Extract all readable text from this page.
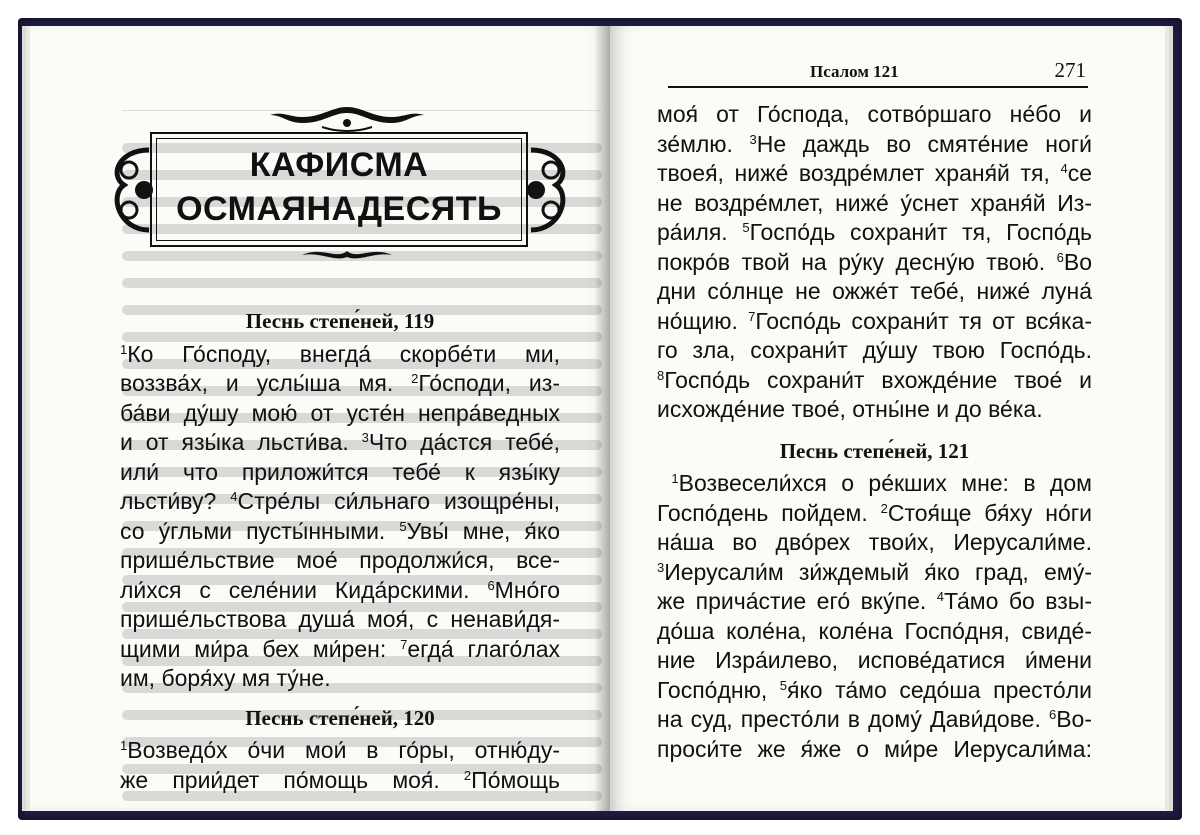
КАФИСМА
ОСМАЯНАДЕСЯТЬ
Песнь степе́ней, 119
$^1$Ко Го́споду, внегда́ скорбе́ти ми,
воззва́х, и услы́ша мя. $^2$Го́споди, из-
ба́ви ду́шу мою́ от усте́н непра́ведных
и от язы́ка льсти́ва. $^3$Что да́стся тебе́,
или́ что приложи́тся тебе́ к язы́ку
льсти́ву? $^4$Стре́лы си́льнаго изощре́ны,
со у́гльми пусты́нными. $^5$Увы́ мне, я́ко
прише́льствие мое́ продолжи́ся, все-
ли́хся с селе́нии Кида́рскими. $^6$Мно́го
прише́льствова душа́ моя́, с ненави́дя-
щими ми́ра бех ми́рен: $^7$егда́ глаго́лах
им, боря́ху мя ту́не.
Песнь степе́ней, 120
$^1$Возведо́х о́чи мои́ в го́ры, отню́ду-
же прии́дет по́мощь моя́. $^2$По́мощь
Псалом 121	271
моя́ от Го́спода, сотво́ршаго не́бо и
зе́млю. $^3$Не даждь во смяте́ние ноги́
твоея́, ниже́ воздре́млет храня́й тя, $^4$се
не воздре́млет, ниже́ у́снет храня́й Из-
ра́иля. $^5$Госпо́дь сохрани́т тя, Госпо́дь
покро́в твой на ру́ку десну́ю твою́. $^6$Во
дни со́лнце не ожже́т тебе́, ниже́ луна́
но́щию. $^7$Госпо́дь сохрани́т тя от вся́ка-
го зла, сохрани́т ду́шу твою Госпо́дь.
$^8$Госпо́дь сохрани́т вхожде́ние твое́ и
исхожде́ние твое́, отны́не и до ве́ка.
Песнь степе́ней, 121
$^1$Возвесели́хся о ре́кших мне: в дом
Госпо́день пойдем. $^2$Стоя́ще бя́ху но́ги
на́ша во дво́рех твои́х, Иерусали́ме.
$^3$Иерусали́м зи́ждемый я́ко град, ему́-
же прича́стие его́ вку́пе. $^4$Та́мо бо взы-
до́ша коле́на, коле́на Госпо́дня, свиде́-
ние Изра́илево, испове́датися и́мени
Госпо́дню, $^5$я́ко та́мо седо́ша престо́ли
на суд, престо́ли в дому́ Дави́дове. $^6$Во-
проси́те же я́же о ми́ре Иерусали́ма:
